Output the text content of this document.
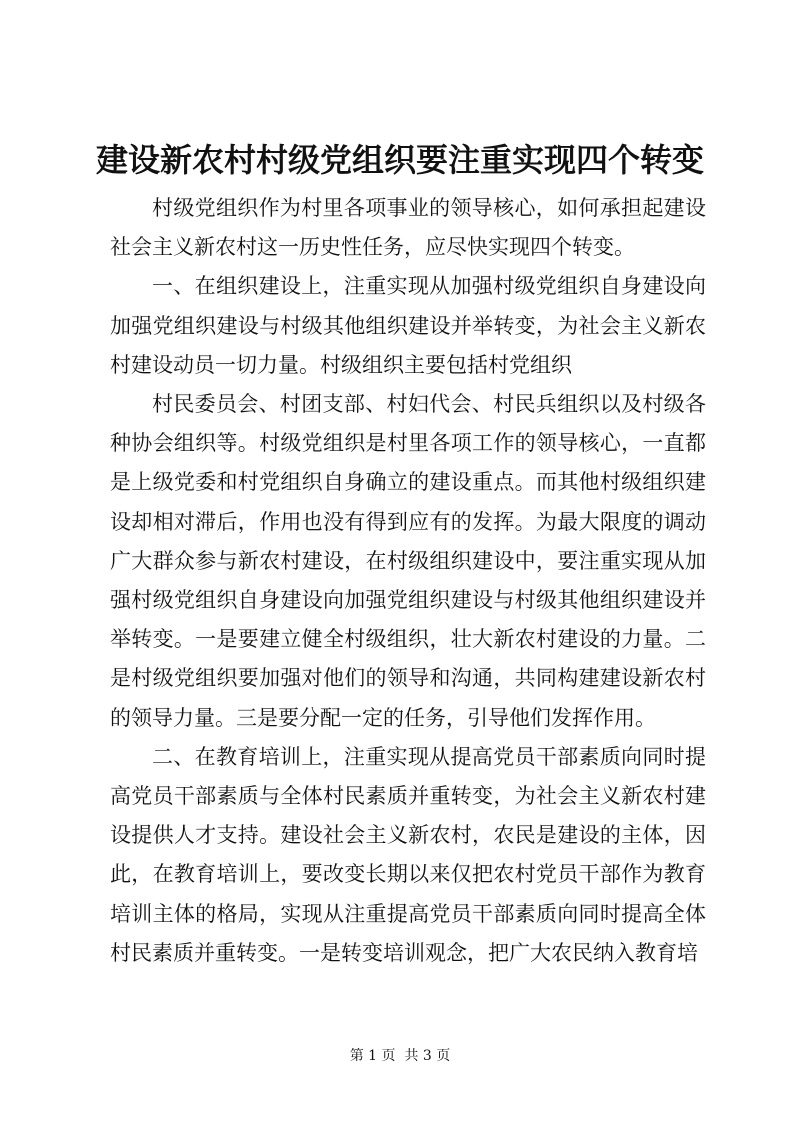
建设新农村村级党组织要注重实现四个转变

村级党组织作为村里各项事业的领导核心，如何承担起建设社会主义新农村这一历史性任务，应尽快实现四个转变。

一、在组织建设上，注重实现从加强村级党组织自身建设向加强党组织建设与村级其他组织建设并举转变，为社会主义新农村建设动员一切力量。村级组织主要包括村党组织

村民委员会、村团支部、村妇代会、村民兵组织以及村级各种协会组织等。村级党组织是村里各项工作的领导核心，一直都是上级党委和村党组织自身确立的建设重点。而其他村级组织建设却相对滞后，作用也没有得到应有的发挥。为最大限度的调动广大群众参与新农村建设，在村级组织建设中，要注重实现从加强村级党组织自身建设向加强党组织建设与村级其他组织建设并举转变。一是要建立健全村级组织，壮大新农村建设的力量。二是村级党组织要加强对他们的领导和沟通，共同构建建设新农村的领导力量。三是要分配一定的任务，引导他们发挥作用。

二、在教育培训上，注重实现从提高党员干部素质向同时提高党员干部素质与全体村民素质并重转变，为社会主义新农村建设提供人才支持。建设社会主义新农村，农民是建设的主体，因此，在教育培训上，要改变长期以来仅把农村党员干部作为教育培训主体的格局，实现从注重提高党员干部素质向同时提高全体村民素质并重转变。一是转变培训观念，把广大农民纳入教育培

第 1 页  共 3 页
